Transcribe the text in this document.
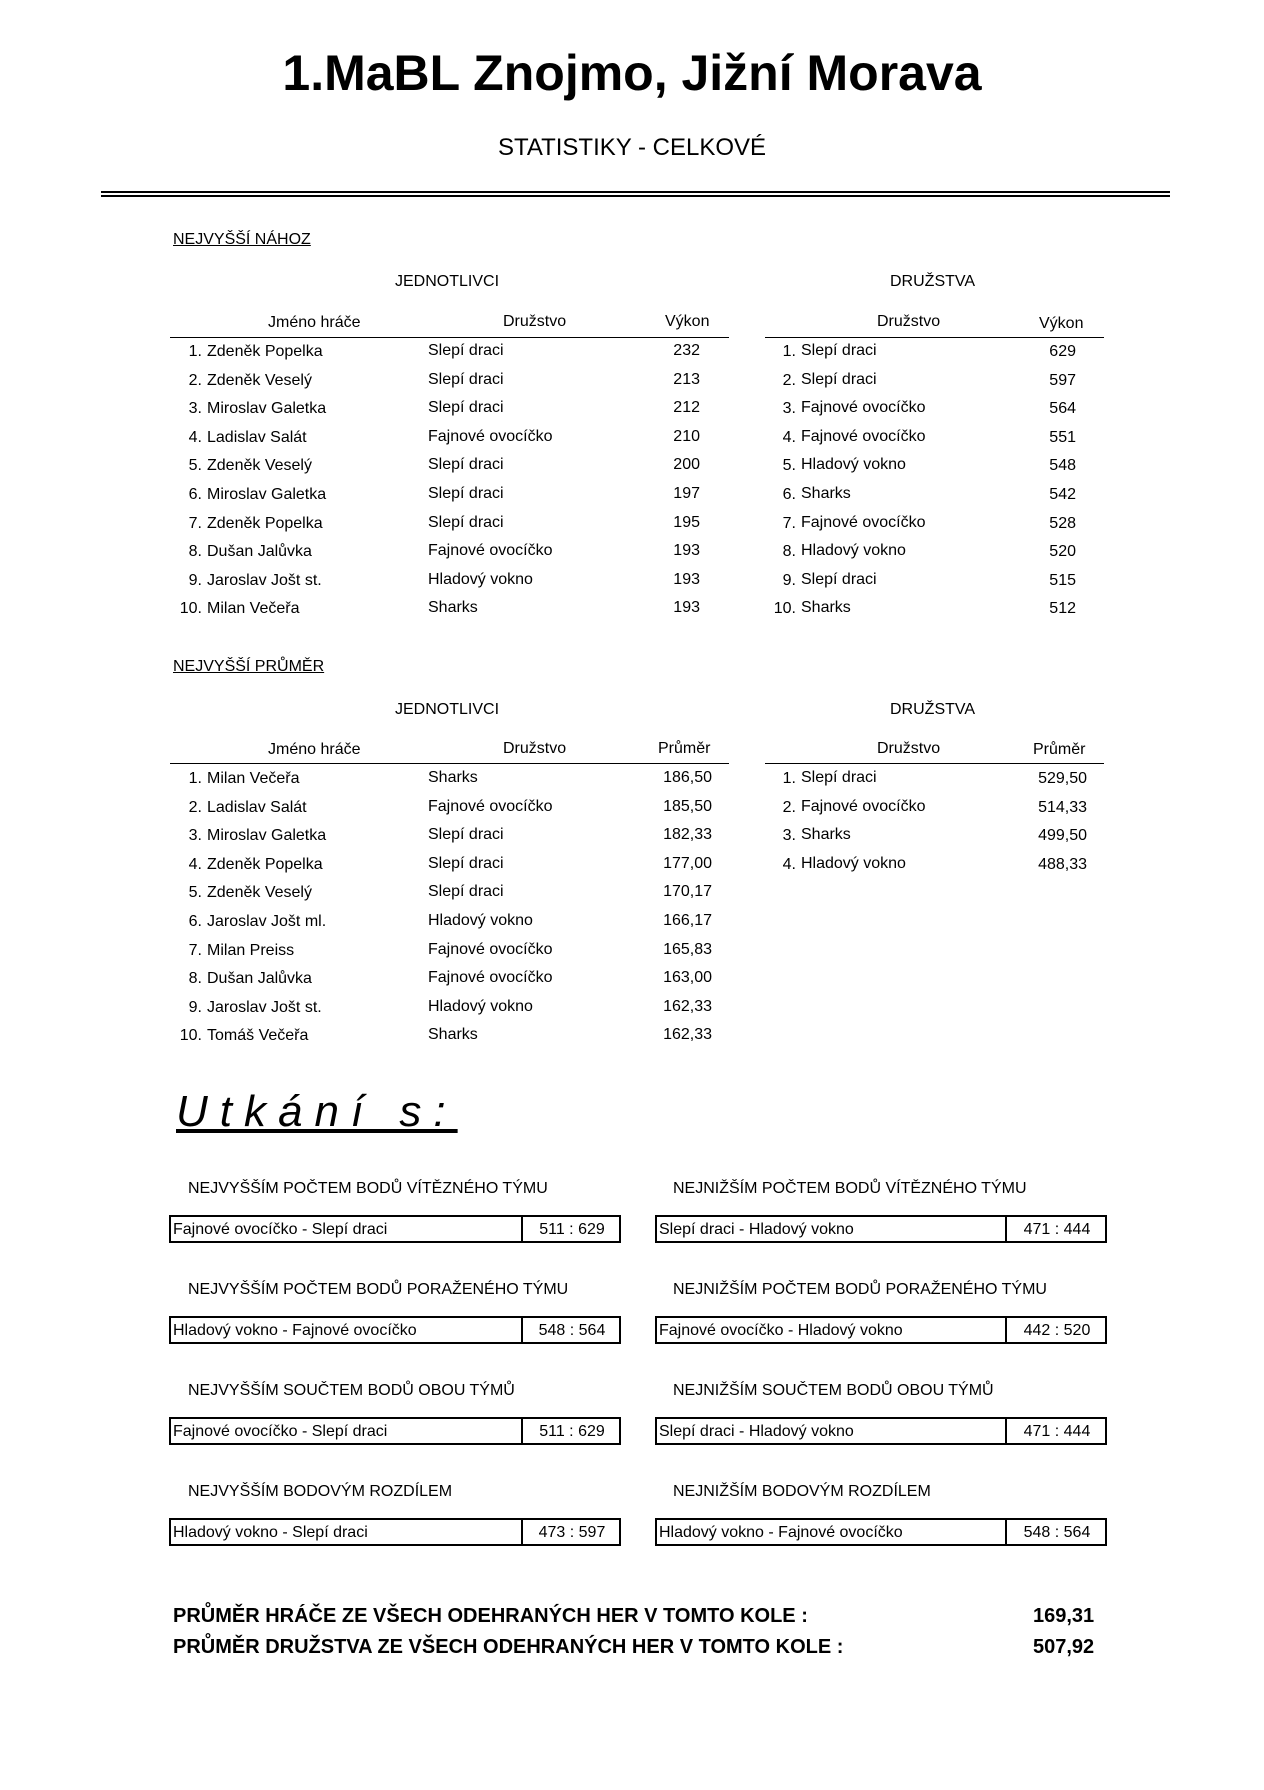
1.MaBL Znojmo, Jižní Morava
STATISTIKY - CELKOVÉ
NEJVYŠŠÍ NÁHOZ
JEDNOTLIVCI	DRUŽSTVA
Jméno hráče	Družstvo	Výkon	Družstvo	Výkon
1. Zdeněk Popelka	Slepí draci	232
2. Zdeněk Veselý	Slepí draci	213
3. Miroslav Galetka	Slepí draci	212
4. Ladislav Salát	Fajnové ovocíčko	210
5. Zdeněk Veselý	Slepí draci	200
6. Miroslav Galetka	Slepí draci	197
7. Zdeněk Popelka	Slepí draci	195
8. Dušan Jalůvka	Fajnové ovocíčko	193
9. Jaroslav Jošt st.	Hladový vokno	193
10. Milan Večeřa	Sharks	193
1. Slepí draci	629
2. Slepí draci	597
3. Fajnové ovocíčko	564
4. Fajnové ovocíčko	551
5. Hladový vokno	548
6. Sharks	542
7. Fajnové ovocíčko	528
8. Hladový vokno	520
9. Slepí draci	515
10. Sharks	512
NEJVYŠŠÍ PRŮMĚR
JEDNOTLIVCI	DRUŽSTVA
Jméno hráče	Družstvo	Průměr	Družstvo	Průměr
1. Milan Večeřa	Sharks	186,50
2. Ladislav Salát	Fajnové ovocíčko	185,50
3. Miroslav Galetka	Slepí draci	182,33
4. Zdeněk Popelka	Slepí draci	177,00
5. Zdeněk Veselý	Slepí draci	170,17
6. Jaroslav Jošt ml.	Hladový vokno	166,17
7. Milan Preiss	Fajnové ovocíčko	165,83
8. Dušan Jalůvka	Fajnové ovocíčko	163,00
9. Jaroslav Jošt st.	Hladový vokno	162,33
10. Tomáš Večeřa	Sharks	162,33
1. Slepí draci	529,50
2. Fajnové ovocíčko	514,33
3. Sharks	499,50
4. Hladový vokno	488,33
Utkání s:
NEJVYŠŠÍM POČTEM BODŮ VÍTĚZNÉHO TÝMU
Fajnové ovocíčko - Slepí draci	511 : 629
NEJNIŽŠÍM POČTEM BODŮ VÍTĚZNÉHO TÝMU
Slepí draci - Hladový vokno	471 : 444
NEJVYŠŠÍM POČTEM BODŮ PORAŽENÉHO TÝMU
Hladový vokno - Fajnové ovocíčko	548 : 564
NEJNIŽŠÍM POČTEM BODŮ PORAŽENÉHO TÝMU
Fajnové ovocíčko - Hladový vokno	442 : 520
NEJVYŠŠÍM SOUČTEM BODŮ OBOU TÝMŮ
Fajnové ovocíčko - Slepí draci	511 : 629
NEJNIŽŠÍM SOUČTEM BODŮ OBOU TÝMŮ
Slepí draci - Hladový vokno	471 : 444
NEJVYŠŠÍM BODOVÝM ROZDÍLEM
Hladový vokno - Slepí draci	473 : 597
NEJNIŽŠÍM BODOVÝM ROZDÍLEM
Hladový vokno - Fajnové ovocíčko	548 : 564
PRŮMĚR HRÁČE ZE VŠECH ODEHRANÝCH HER V TOMTO KOLE :	169,31
PRŮMĚR DRUŽSTVA ZE VŠECH ODEHRANÝCH HER V TOMTO KOLE :	507,92
